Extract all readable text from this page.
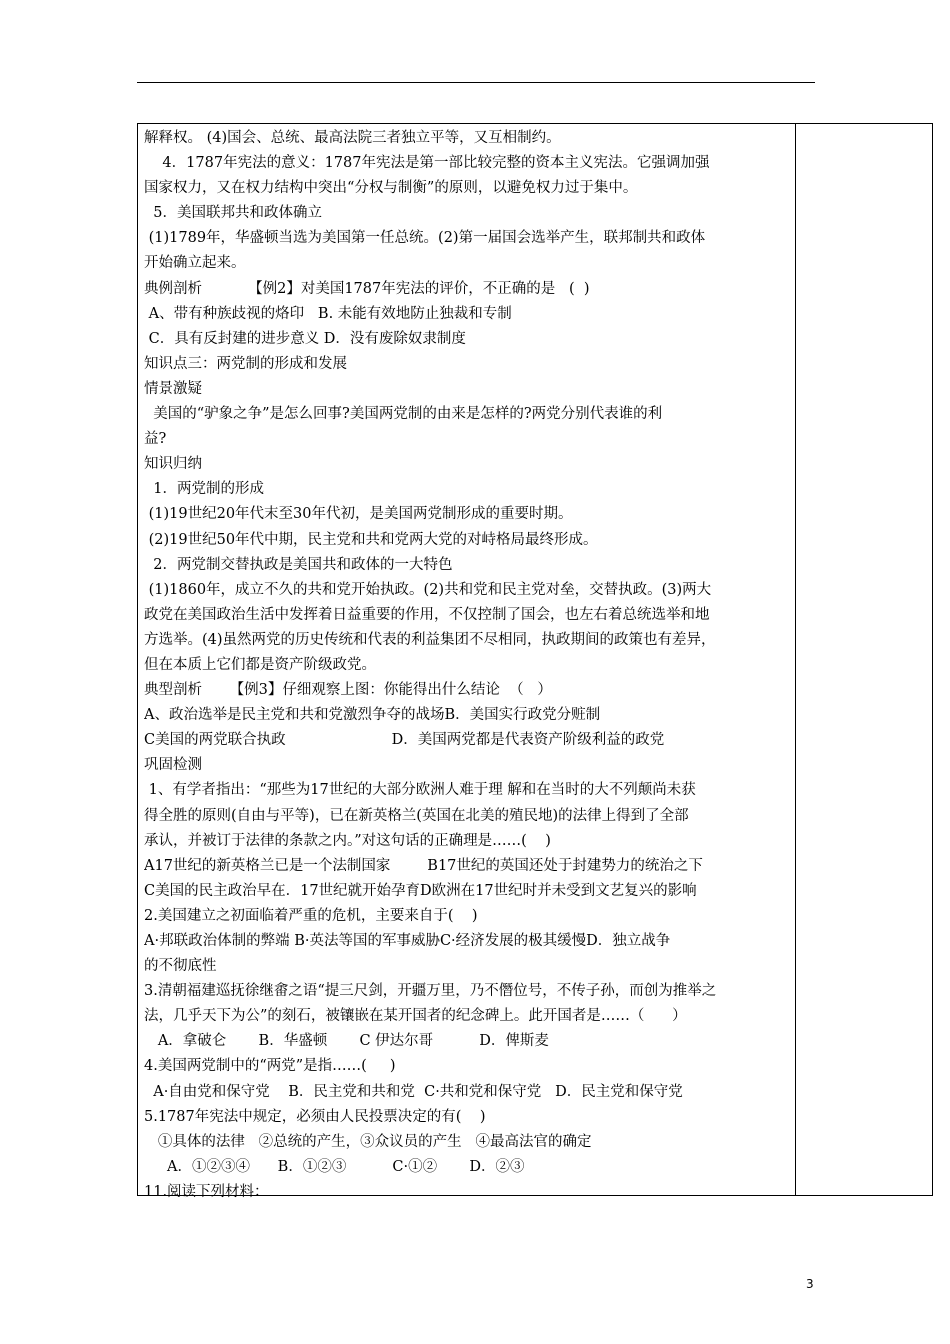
解释权。 (4)国会、总统、最高法院三者独立平等，又互相制约。
4．1787年宪法的意义：1787年宪法是第一部比较完整的资本主义宪法。它强调加强
国家权力，又在权力结构中突出“分权与制衡”的原则，以避免权力过于集中。
5．美国联邦共和政体确立
(1)1789年，华盛顿当选为美国第一任总统。(2)第一届国会选举产生，联邦制共和政体
开始确立起来。
典例剖析          【例2】对美国1787年宪法的评价，不正确的是   (  )
A、带有种族歧视的烙印   B. 未能有效地防止独裁和专制
C．具有反封建的进步意义 D．没有废除奴隶制度
知识点三：两党制的形成和发展
情景激疑
美国的“驴象之争”是怎么回事?美国两党制的由来是怎样的?两党分别代表谁的利
益?
知识归纳
1．两党制的形成
(1)19世纪20年代末至30年代初，是美国两党制形成的重要时期。
(2)19世纪50年代中期，民主党和共和党两大党的对峙格局最终形成。
2．两党制交替执政是美国共和政体的一大特色
(1)1860年，成立不久的共和党开始执政。(2)共和党和民主党对垒，交替执政。(3)两大
政党在美国政治生活中发挥着日益重要的作用，不仅控制了国会，也左右着总统选举和地
方选举。(4)虽然两党的历史传统和代表的利益集团不尽相同，执政期间的政策也有差异，
但在本质上它们都是资产阶级政党。
典型剖析      【例3】仔细观察上图：你能得出什么结论  （   ）
A、政治选举是民主党和共和党激烈争夺的战场B．美国实行政党分赃制
C美国的两党联合执政                       D．美国两党都是代表资产阶级利益的政党
巩固检测
1、有学者指出：“那些为17世纪的大部分欧洲人难于理 解和在当时的大不列颠尚未获
得全胜的原则(自由与平等)，已在新英格兰(英国在北美的殖民地)的法律上得到了全部
承认，并被订于法律的条款之内。”对这句话的正确理是……(    )
A17世纪的新英格兰已是一个法制国家        B17世纪的英国还处于封建势力的统治之下
C美国的民主政治早在．17世纪就开始孕育D欧洲在17世纪时并未受到文艺复兴的影响
2.美国建立之初面临着严重的危机，主要来自于(    )
A·邦联政治体制的弊端 B·英法等国的军事威胁C·经济发展的极其缓慢D．独立战争
的不彻底性
3.清朝福建巡抚徐继畬之语“提三尺剑，开疆万里，乃不僭位号，不传子孙，而创为推举之
法，几乎天下为公”的刻石，被镶嵌在某开国者的纪念碑上。此开国者是……（      ）
A．拿破仑       B．华盛顿       C 伊达尔哥          D．俾斯麦
4.美国两党制中的“两党”是指……(     )
A·自由党和保守党    B．民主党和共和党  C·共和党和保守党   D．民主党和保守党
5.1787年宪法中规定，必须由人民投票决定的有(    )
①具体的法律   ②总统的产生，③众议员的产生   ④最高法官的确定
A．①②③④      B．①②③          C·①②       D．②③
11.阅读下列材料：
3
